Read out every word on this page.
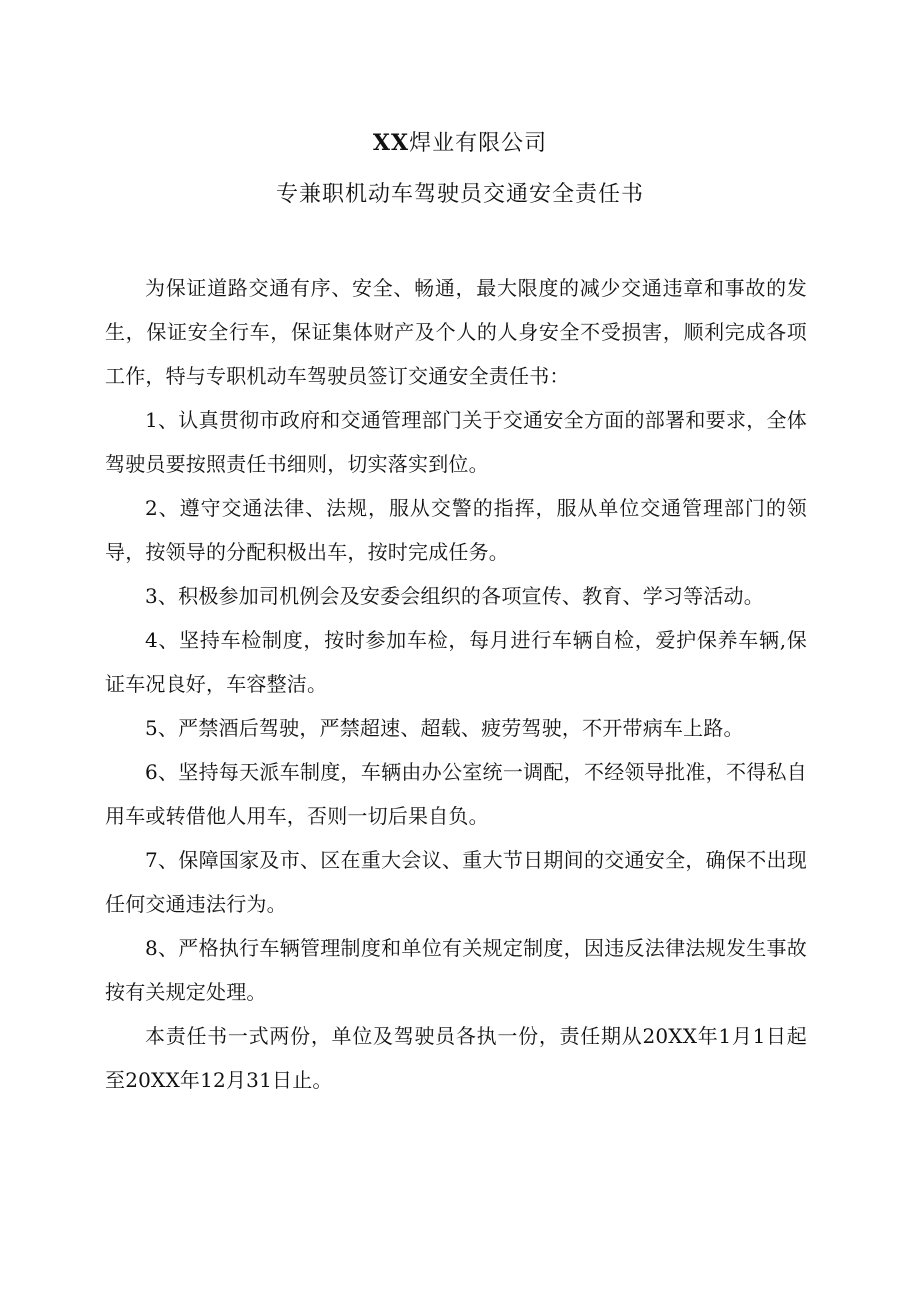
XX焊业有限公司
专兼职机动车驾驶员交通安全责任书

为保证道路交通有序、安全、畅通，最大限度的减少交通违章和事故的发生，保证安全行车，保证集体财产及个人的人身安全不受损害，顺利完成各项工作，特与专职机动车驾驶员签订交通安全责任书：

1、认真贯彻市政府和交通管理部门关于交通安全方面的部署和要求，全体驾驶员要按照责任书细则，切实落实到位。

2、遵守交通法律、法规，服从交警的指挥，服从单位交通管理部门的领导，按领导的分配积极出车，按时完成任务。

3、积极参加司机例会及安委会组织的各项宣传、教育、学习等活动。

4、坚持车检制度，按时参加车检，每月进行车辆自检，爱护保养车辆,保证车况良好，车容整洁。

5、严禁酒后驾驶，严禁超速、超载、疲劳驾驶，不开带病车上路。

6、坚持每天派车制度，车辆由办公室统一调配，不经领导批准，不得私自用车或转借他人用车，否则一切后果自负。

7、保障国家及市、区在重大会议、重大节日期间的交通安全，确保不出现任何交通违法行为。

8、严格执行车辆管理制度和单位有关规定制度，因违反法律法规发生事故按有关规定处理。

本责任书一式两份，单位及驾驶员各执一份，责任期从20XX年1月1日起至20XX年12月31日止。
